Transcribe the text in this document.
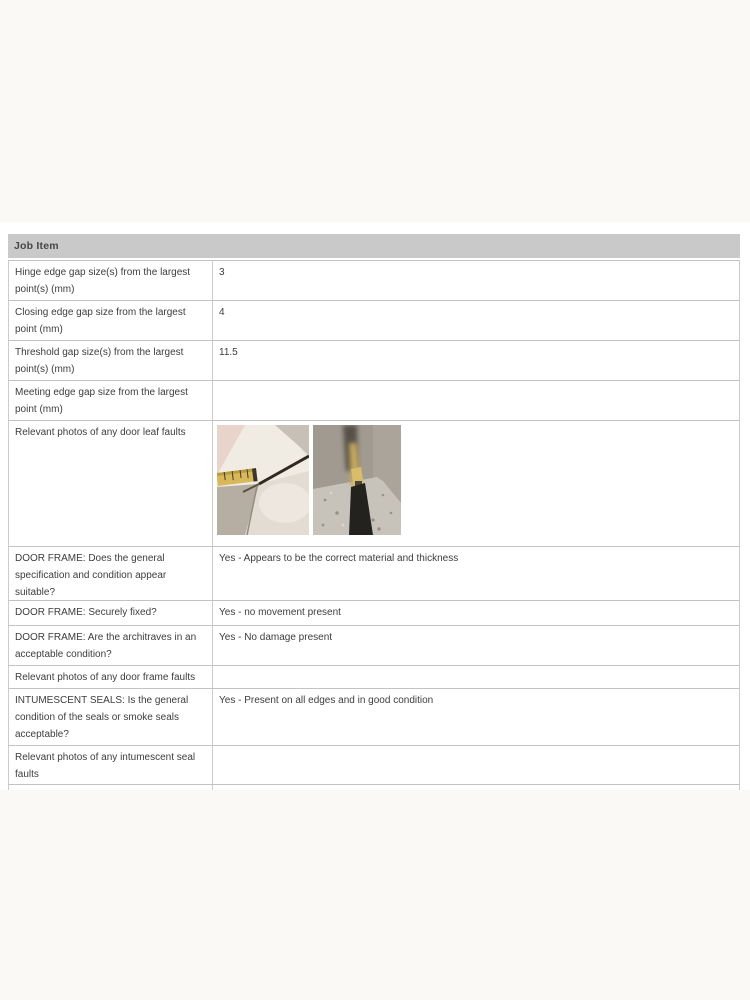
Job Item
Hinge edge gap size(s) from the largest point(s) (mm)
3
Closing edge gap size from the largest point (mm)
4
Threshold gap size(s) from the largest point(s) (mm)
11.5
Meeting edge gap size from the largest point (mm)
Relevant photos of any door leaf faults
DOOR FRAME: Does the general specification and condition appear suitable?
Yes - Appears to be the correct material and thickness
DOOR FRAME: Securely fixed?	Yes - no movement present
DOOR FRAME: Are the architraves in an acceptable condition?
Yes - No damage present
Relevant photos of any door frame faults
INTUMESCENT SEALS: Is the general condition of the seals or smoke seals acceptable?
Yes - Present on all edges and in good condition
Relevant photos of any intumescent seal faults
